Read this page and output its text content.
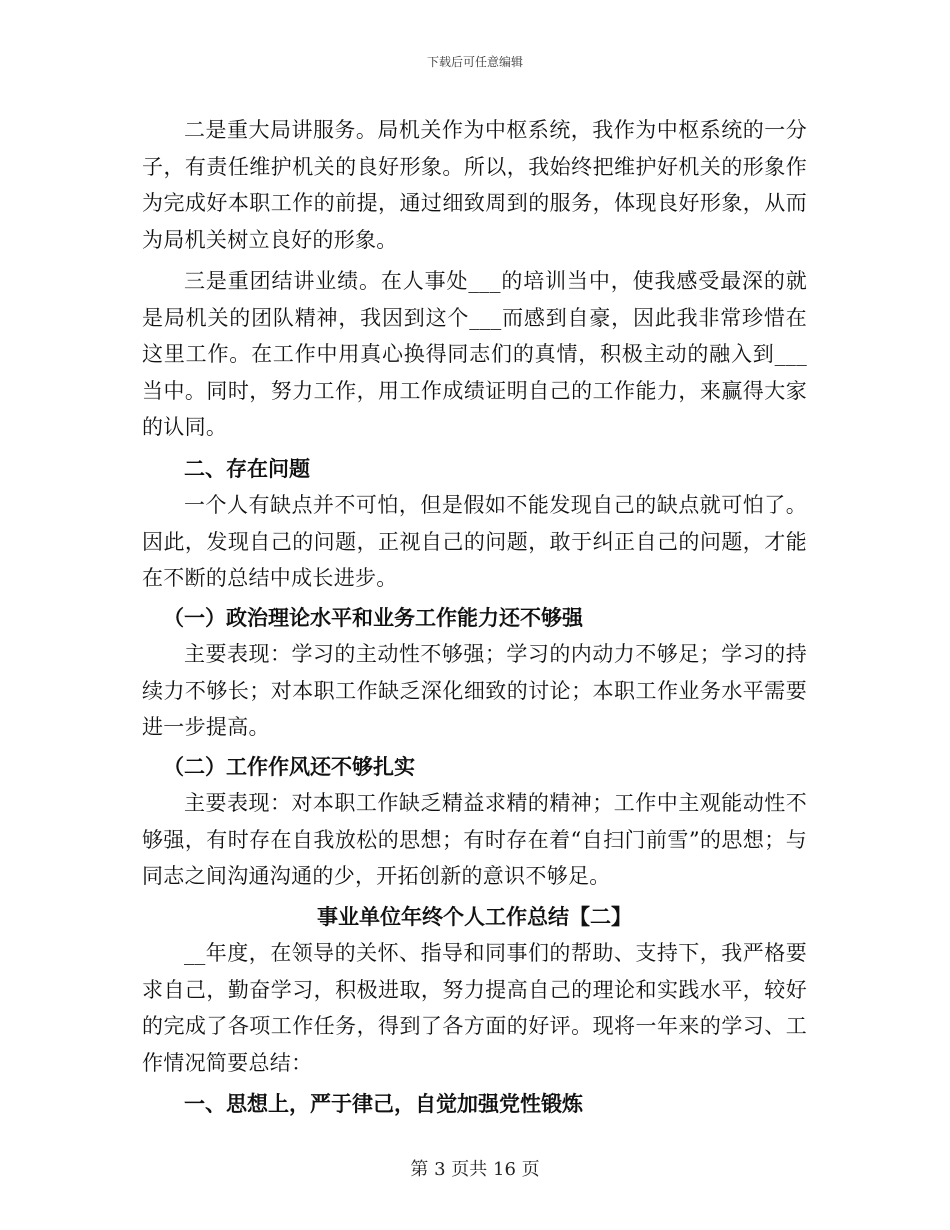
下载后可任意编辑

二是重大局讲服务。局机关作为中枢系统，我作为中枢系统的一分子，有责任维护机关的良好形象。所以，我始终把维护好机关的形象作为完成好本职工作的前提，通过细致周到的服务，体现良好形象，从而为局机关树立良好的形象。

三是重团结讲业绩。在人事处___的培训当中，使我感受最深的就是局机关的团队精神，我因到这个___而感到自豪，因此我非常珍惜在这里工作。在工作中用真心换得同志们的真情，积极主动的融入到___当中。同时，努力工作，用工作成绩证明自己的工作能力，来赢得大家的认同。

二、存在问题

一个人有缺点并不可怕，但是假如不能发现自己的缺点就可怕了。因此，发现自己的问题，正视自己的问题，敢于纠正自己的问题，才能在不断的总结中成长进步。

（一）政治理论水平和业务工作能力还不够强

主要表现：学习的主动性不够强；学习的内动力不够足；学习的持续力不够长；对本职工作缺乏深化细致的讨论；本职工作业务水平需要进一步提高。

（二）工作作风还不够扎实

主要表现：对本职工作缺乏精益求精的精神；工作中主观能动性不够强，有时存在自我放松的思想；有时存在着“自扫门前雪”的思想；与同志之间沟通沟通的少，开拓创新的意识不够足。

事业单位年终个人工作总结【二】

__年度，在领导的关怀、指导和同事们的帮助、支持下，我严格要求自己，勤奋学习，积极进取，努力提高自己的理论和实践水平，较好的完成了各项工作任务，得到了各方面的好评。现将一年来的学习、工作情况简要总结：

一、思想上，严于律己，自觉加强党性锻炼
第 3 页共 16 页
